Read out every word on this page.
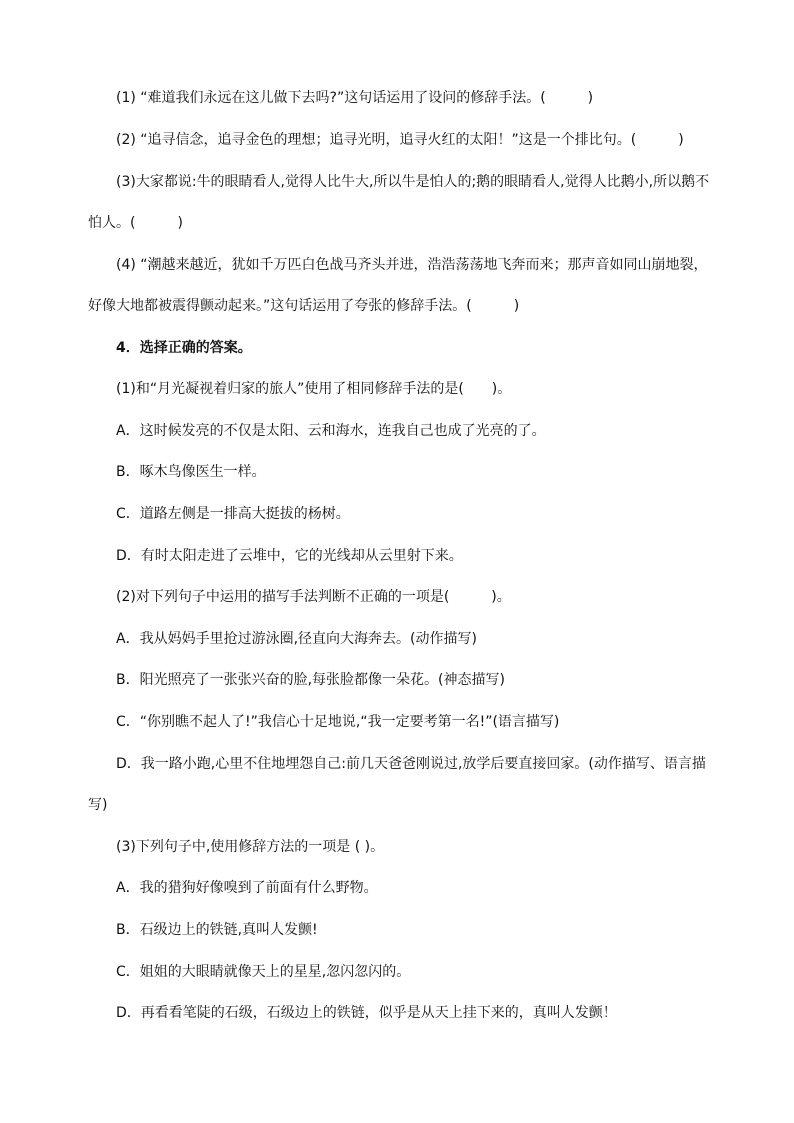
(1) “难道我们永远在这儿做下去吗?”这句话运用了设问的修辞手法。(　　　)
(2) “追寻信念，追寻金色的理想；追寻光明，追寻火红的太阳！”这是一个排比句。(　　　)
(3)大家都说:牛的眼睛看人,觉得人比牛大,所以牛是怕人的;鹅的眼睛看人,觉得人比鹅小,所以鹅不
怕人。(　　　)
(4) “潮越来越近，犹如千万匹白色战马齐头并进，浩浩荡荡地飞奔而来；那声音如同山崩地裂，
好像大地都被震得颤动起来。”这句话运用了夸张的修辞手法。(　　　)
4．选择正确的答案。
(1)和“月光凝视着归家的旅人”使用了相同修辞手法的是(　　)。
A．这时候发亮的不仅是太阳、云和海水，连我自己也成了光亮的了。
B．啄木鸟像医生一样。
C．道路左侧是一排高大挺拔的杨树。
D．有时太阳走进了云堆中，它的光线却从云里射下来。
(2)对下列句子中运用的描写手法判断不正确的一项是(　　　)。
A．我从妈妈手里抢过游泳圈,径直向大海奔去。(动作描写)
B．阳光照亮了一张张兴奋的脸,每张脸都像一朵花。(神态描写)
C．“你别瞧不起人了!”我信心十足地说,“我一定要考第一名!”(语言描写)
D．我一路小跑,心里不住地埋怨自己:前几天爸爸刚说过,放学后要直接回家。(动作描写、语言描
写)
(3)下列句子中,使用修辞方法的一项是 ( )。
A．我的猎狗好像嗅到了前面有什么野物。
B．石级边上的铁链,真叫人发颤!
C．姐姐的大眼睛就像天上的星星,忽闪忽闪的。
D．再看看笔陡的石级，石级边上的铁链，似乎是从天上挂下来的，真叫人发颤！
